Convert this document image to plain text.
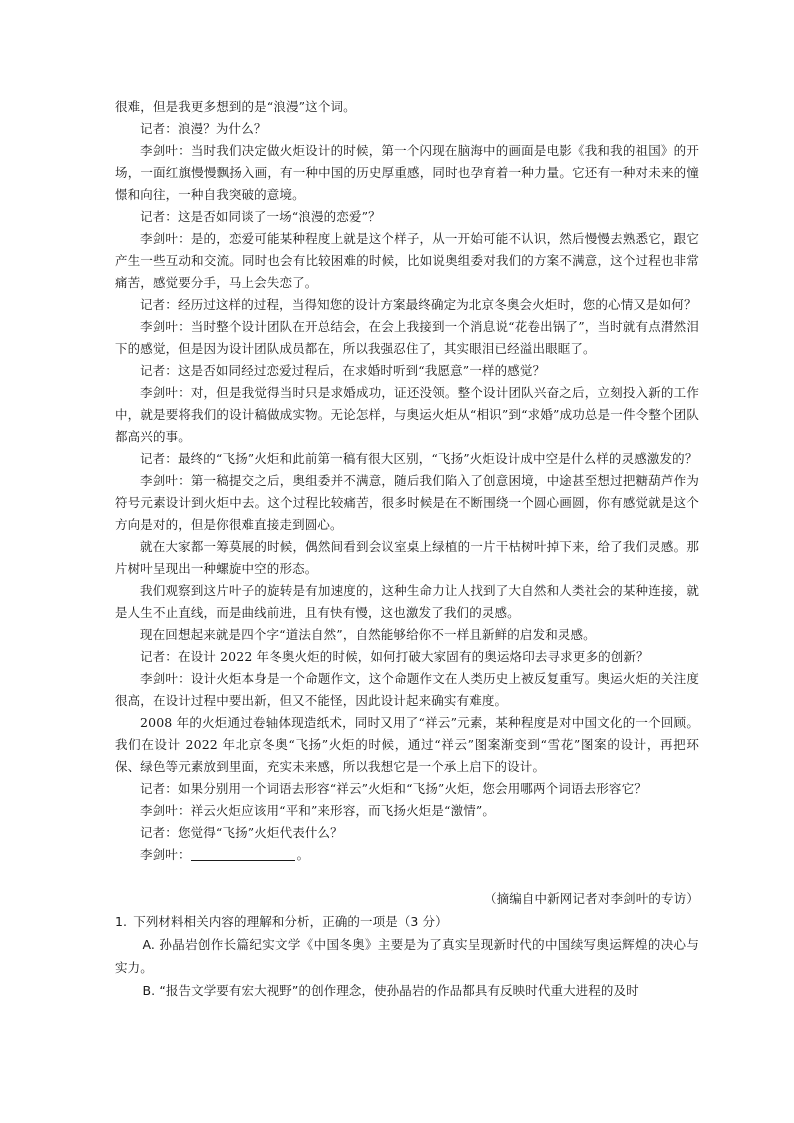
很难，但是我更多想到的是“浪漫”这个词。

记者：浪漫？为什么？

李剑叶：当时我们决定做火炬设计的时候，第一个闪现在脑海中的画面是电影《我和我的祖国》的开场，一面红旗慢慢飘扬入画，有一种中国的历史厚重感，同时也孕育着一种力量。它还有一种对未来的憧憬和向往，一种自我突破的意境。

记者：这是否如同谈了一场“浪漫的恋爱”？

李剑叶：是的，恋爱可能某种程度上就是这个样子，从一开始可能不认识，然后慢慢去熟悉它，跟它产生一些互动和交流。同时也会有比较困难的时候，比如说奥组委对我们的方案不满意，这个过程也非常痛苦，感觉要分手，马上会失恋了。

记者：经历过这样的过程，当得知您的设计方案最终确定为北京冬奥会火炬时，您的心情又是如何？

李剑叶：当时整个设计团队在开总结会，在会上我接到一个消息说“花卷出锅了”，当时就有点潸然泪下的感觉，但是因为设计团队成员都在，所以我强忍住了，其实眼泪已经溢出眼眶了。

记者：这是否如同经过恋爱过程后，在求婚时听到“我愿意”一样的感觉？

李剑叶：对，但是我觉得当时只是求婚成功，证还没领。整个设计团队兴奋之后，立刻投入新的工作中，就是要将我们的设计稿做成实物。无论怎样，与奥运火炬从“相识”到“求婚”成功总是一件令整个团队都高兴的事。

记者：最终的“飞扬”火炬和此前第一稿有很大区别，“飞扬”火炬设计成中空是什么样的灵感激发的？

李剑叶：第一稿提交之后，奥组委并不满意，随后我们陷入了创意困境，中途甚至想过把糖葫芦作为符号元素设计到火炬中去。这个过程比较痛苦，很多时候是在不断围绕一个圆心画圆，你有感觉就是这个方向是对的，但是你很难直接走到圆心。

就在大家都一筹莫展的时候，偶然间看到会议室桌上绿植的一片干枯树叶掉下来，给了我们灵感。那片树叶呈现出一种螺旋中空的形态。

我们观察到这片叶子的旋转是有加速度的，这种生命力让人找到了大自然和人类社会的某种连接，就是人生不止直线，而是曲线前进，且有快有慢，这也激发了我们的灵感。

现在回想起来就是四个字“道法自然”，自然能够给你不一样且新鲜的启发和灵感。

记者：在设计 2022 年冬奥火炬的时候，如何打破大家固有的奥运烙印去寻求更多的创新？

李剑叶：设计火炬本身是一个命题作文，这个命题作文在人类历史上被反复重写。奥运火炬的关注度很高，在设计过程中要出新，但又不能怪，因此设计起来确实有难度。

2008 年的火炬通过卷轴体现造纸术，同时又用了“祥云”元素，某种程度是对中国文化的一个回顾。我们在设计 2022 年北京冬奥“飞扬”火炬的时候，通过“祥云”图案渐变到“雪花”图案的设计，再把环保、绿色等元素放到里面，充实未来感，所以我想它是一个承上启下的设计。

记者：如果分别用一个词语去形容“祥云”火炬和“飞扬”火炬，您会用哪两个词语去形容它？

李剑叶：祥云火炬应该用“平和”来形容，而飞扬火炬是“激情”。

记者：您觉得“飞扬”火炬代表什么？

李剑叶：	。

（摘编自中新网记者对李剑叶的专访）

1. 下列材料相关内容的理解和分析，正确的一项是（3 分）

A. 孙晶岩创作长篇纪实文学《中国冬奥》主要是为了真实呈现新时代的中国续写奥运辉煌的决心与实力。

B. “报告文学要有宏大视野”的创作理念，使孙晶岩的作品都具有反映时代重大进程的及时
